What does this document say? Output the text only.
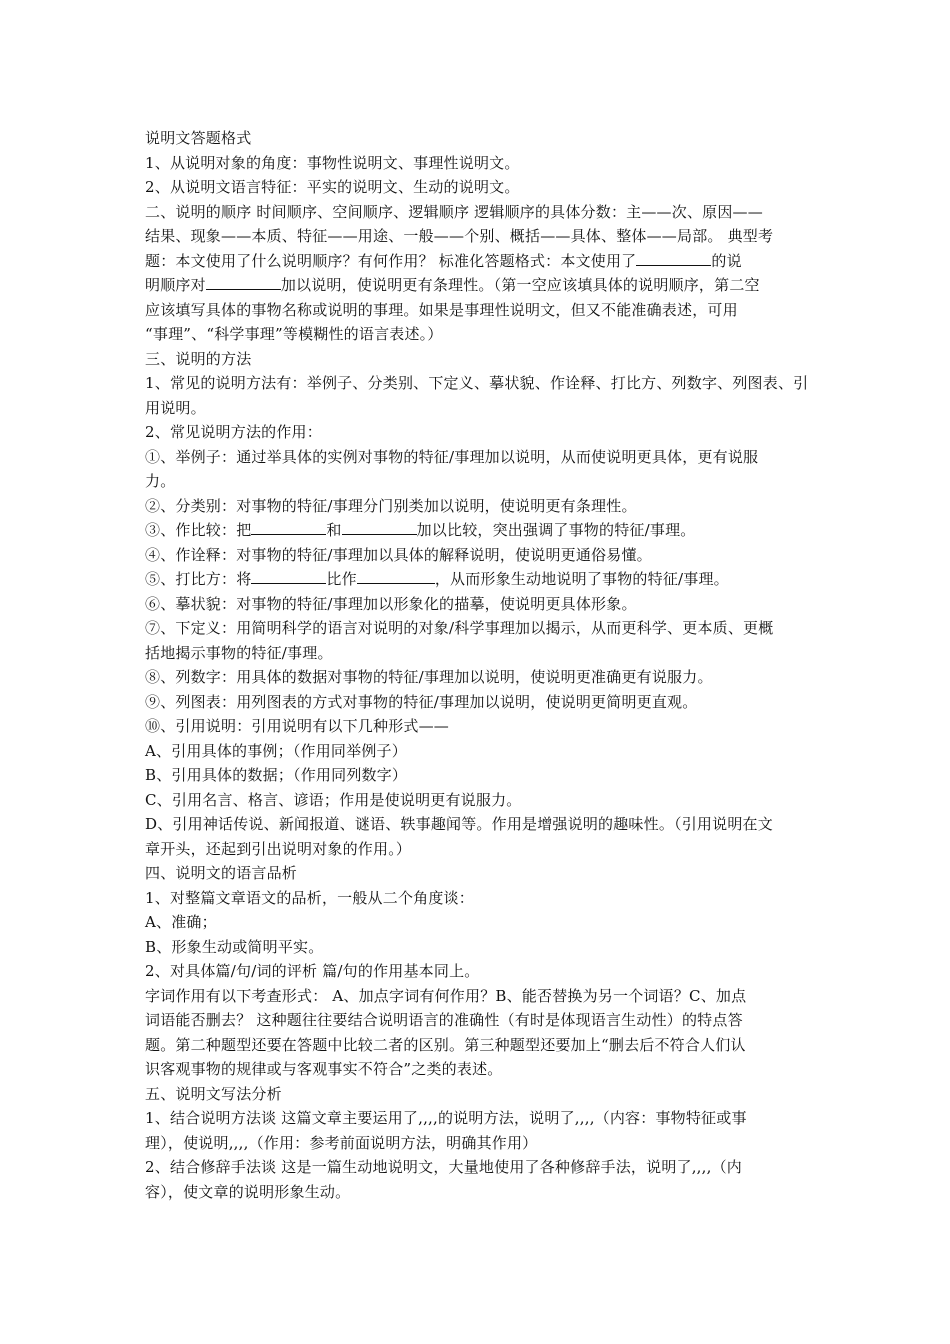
说明文答题格式
1、从说明对象的角度：事物性说明文、事理性说明文。
2、从说明文语言特征：平实的说明文、生动的说明文。
二、说明的顺序 时间顺序、空间顺序、逻辑顺序 逻辑顺序的具体分数：主——次、原因——
结果、现象——本质、特征——用途、一般——个别、概括——具体、整体——局部。 典型考
题：本文使用了什么说明顺序？有何作用？ 标准化答题格式：本文使用了	的说
明顺序对	加以说明，使说明更有条理性。（第一空应该填具体的说明顺序，第二空
应该填写具体的事物名称或说明的事理。如果是事理性说明文，但又不能准确表述，可用
“事理”、“科学事理”等模糊性的语言表述。）
三、说明的方法
1、常见的说明方法有：举例子、分类别、下定义、摹状貌、作诠释、打比方、列数字、列图表、引
用说明。
2、常见说明方法的作用：
①、举例子：通过举具体的实例对事物的特征/事理加以说明，从而使说明更具体，更有说服
力。
②、分类别：对事物的特征/事理分门别类加以说明，使说明更有条理性。
③、作比较：把	和	加以比较，突出强调了事物的特征/事理。
④、作诠释：对事物的特征/事理加以具体的解释说明，使说明更通俗易懂。
⑤、打比方：将	比作	，从而形象生动地说明了事物的特征/事理。
⑥、摹状貌：对事物的特征/事理加以形象化的描摹，使说明更具体形象。
⑦、下定义：用简明科学的语言对说明的对象/科学事理加以揭示，从而更科学、更本质、更概
括地揭示事物的特征/事理。
⑧、列数字：用具体的数据对事物的特征/事理加以说明，使说明更准确更有说服力。
⑨、列图表：用列图表的方式对事物的特征/事理加以说明，使说明更简明更直观。
⑩、引用说明：引用说明有以下几种形式——
A、引用具体的事例；（作用同举例子）
B、引用具体的数据；（作用同列数字）
C、引用名言、格言、谚语；作用是使说明更有说服力。
D、引用神话传说、新闻报道、谜语、轶事趣闻等。作用是增强说明的趣味性。（引用说明在文
章开头，还起到引出说明对象的作用。）
四、说明文的语言品析
1、对整篇文章语文的品析，一般从二个角度谈：
A、准确；
B、形象生动或简明平实。
2、对具体篇/句/词的评析 篇/句的作用基本同上。
字词作用有以下考查形式： A、加点字词有何作用？B、能否替换为另一个词语？C、加点
词语能否删去？ 这种题往往要结合说明语言的准确性（有时是体现语言生动性）的特点答
题。第二种题型还要在答题中比较二者的区别。第三种题型还要加上“删去后不符合人们认
识客观事物的规律或与客观事实不符合”之类的表述。
五、说明文写法分析
1、结合说明方法谈 这篇文章主要运用了,,,,的说明方法，说明了,,,,（内容：事物特征或事
理），使说明,,,,（作用：参考前面说明方法，明确其作用）
2、结合修辞手法谈 这是一篇生动地说明文，大量地使用了各种修辞手法，说明了,,,,（内
容），使文章的说明形象生动。
